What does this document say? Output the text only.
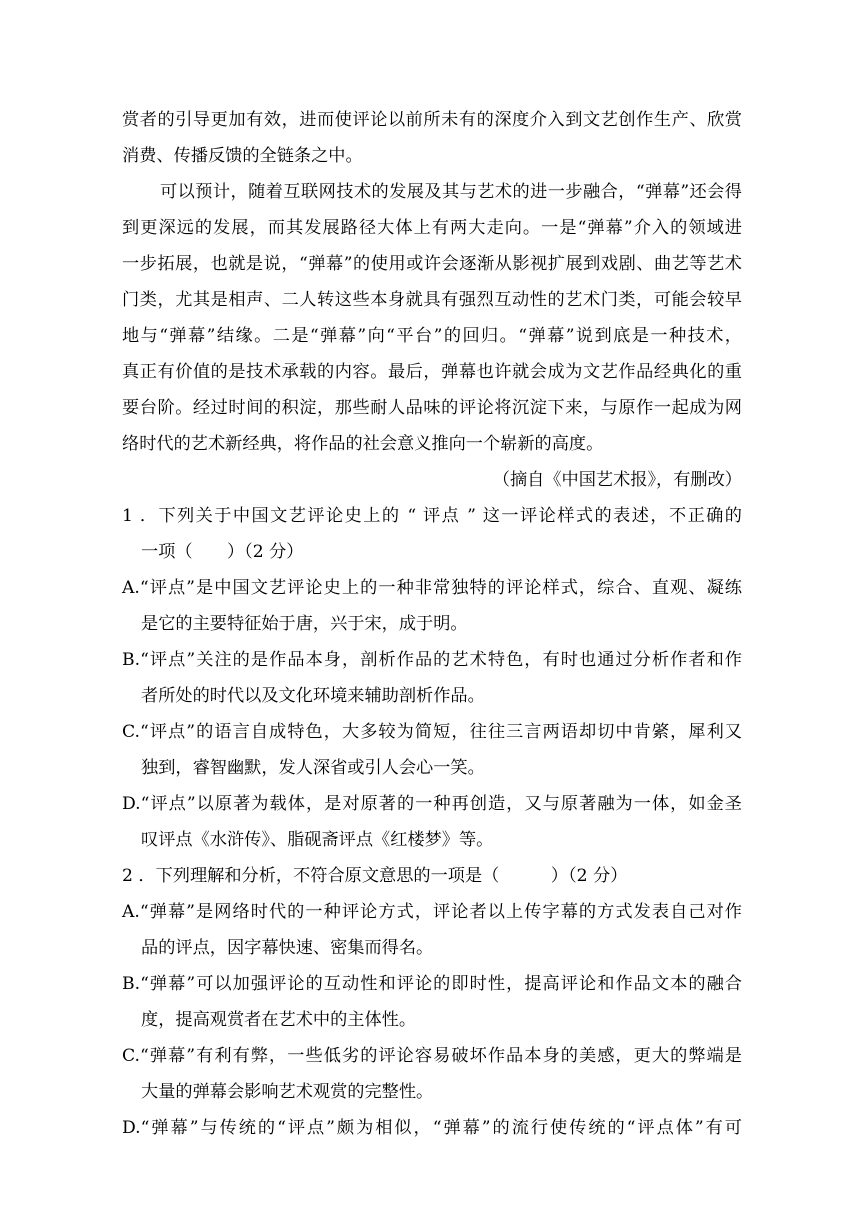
赏者的引导更加有效，进而使评论以前所未有的深度介入到文艺创作生产、欣赏

消费、传播反馈的全链条之中。

可以预计，随着互联网技术的发展及其与艺术的进一步融合，“弹幕”还会得

到更深远的发展，而其发展路径大体上有两大走向。一是“弹幕”介入的领域进

一步拓展，也就是说，“弹幕”的使用或许会逐渐从影视扩展到戏剧、曲艺等艺术

门类，尤其是相声、二人转这些本身就具有强烈互动性的艺术门类，可能会较早

地与“弹幕”结缘。二是“弹幕”向“平台”的回归。“弹幕”说到底是一种技术，

真正有价值的是技术承载的内容。最后，弹幕也许就会成为文艺作品经典化的重

要台阶。经过时间的积淀，那些耐人品味的评论将沉淀下来，与原作一起成为网

络时代的艺术新经典，将作品的社会意义推向一个崭新的高度。

（摘自《中国艺术报》，有删改）

1 ．下列关于中国文艺评论史上的 “ 评点 ” 这一评论样式的表述，不正确的

一项（　　）（2 分）

A.“评点”是中国文艺评论史上的一种非常独特的评论样式，综合、直观、凝练

是它的主要特征始于唐，兴于宋，成于明。

B.“评点”关注的是作品本身，剖析作品的艺术特色，有时也通过分析作者和作

者所处的时代以及文化环境来辅助剖析作品。

C.“评点”的语言自成特色，大多较为简短，往往三言两语却切中肯綮，犀利又

独到，睿智幽默，发人深省或引人会心一笑。

D.“评点”以原著为载体，是对原著的一种再创造，又与原著融为一体，如金圣

叹评点《水浒传》、脂砚斋评点《红楼梦》等。

2 ．下列理解和分析，不符合原文意思的一项是（　　　）（2 分）

A.“弹幕”是网络时代的一种评论方式，评论者以上传字幕的方式发表自己对作

品的评点，因字幕快速、密集而得名。

B.“弹幕”可以加强评论的互动性和评论的即时性，提高评论和作品文本的融合

度，提高观赏者在艺术中的主体性。

C.“弹幕”有利有弊，一些低劣的评论容易破坏作品本身的美感，更大的弊端是

大量的弹幕会影响艺术观赏的完整性。

D.“弹幕”与传统的“评点”颇为相似，“弹幕”的流行使传统的“评点体”有可
